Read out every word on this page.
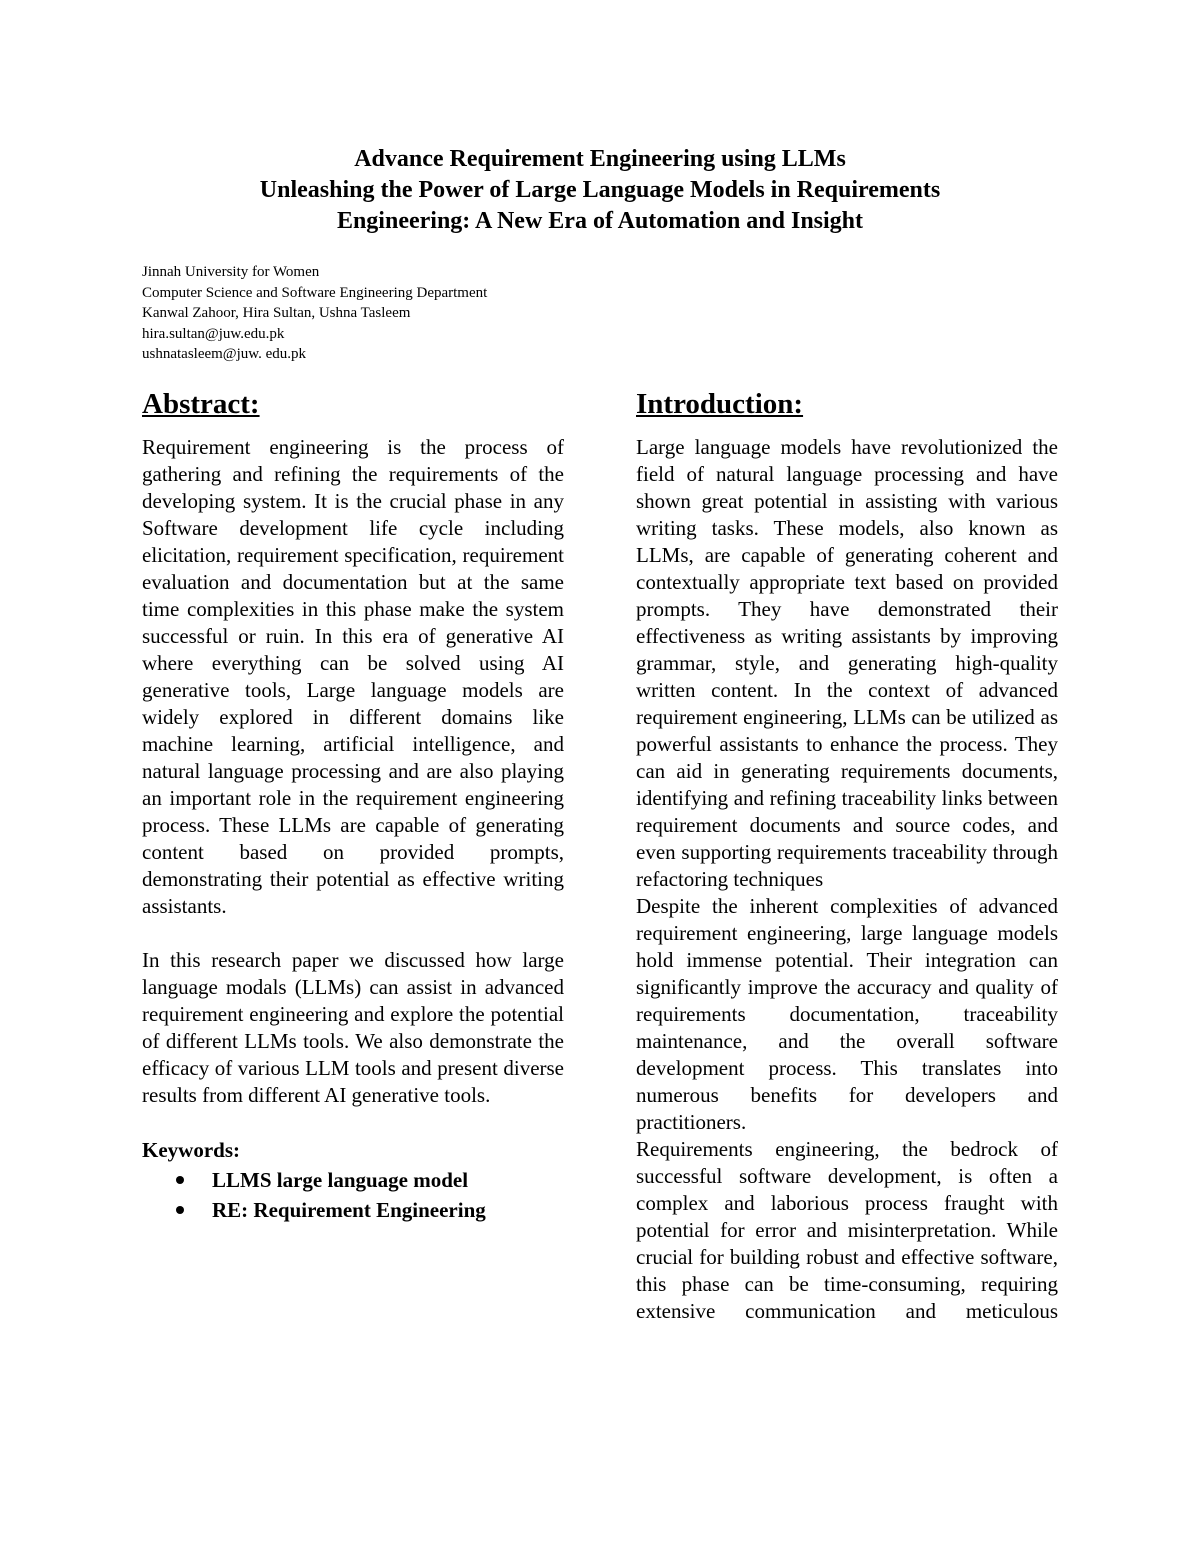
Advance Requirement Engineering using LLMs
Unleashing the Power of Large Language Models in Requirements
Engineering: A New Era of Automation and Insight
Jinnah University for Women
Computer Science and Software Engineering Department
Kanwal Zahoor, Hira Sultan, Ushna Tasleem
hira.sultan@juw.edu.pk
ushnatasleem@juw. edu.pk
Abstract:

Requirement engineering is the process of gathering and refining the requirements of the developing system. It is the crucial phase in any Software development life cycle including elicitation, requirement specification, requirement evaluation and documentation but at the same time complexities in this phase make the system successful or ruin. In this era of generative AI where everything can be solved using AI generative tools, Large language models are widely explored in different domains like machine learning, artificial intelligence, and natural language processing and are also playing an important role in the requirement engineering process. These LLMs are capable of generating content based on provided prompts, demonstrating their potential as effective writing assistants.

In this research paper we discussed how large language modals (LLMs) can assist in advanced requirement engineering and explore the potential of different LLMs tools. We also demonstrate the efficacy of various LLM tools and present diverse results from different AI generative tools.

Keywords:
LLMS large language model
RE: Requirement Engineering
Introduction:

Large language models have revolutionized the field of natural language processing and have shown great potential in assisting with various writing tasks. These models, also known as LLMs, are capable of generating coherent and contextually appropriate text based on provided prompts. They have demonstrated their effectiveness as writing assistants by improving grammar, style, and generating high-quality written content. In the context of advanced requirement engineering, LLMs can be utilized as powerful assistants to enhance the process. They can aid in generating requirements documents, identifying and refining traceability links between requirement documents and source codes, and even supporting requirements traceability through refactoring techniques

Despite the inherent complexities of advanced requirement engineering, large language models hold immense potential. Their integration can significantly improve the accuracy and quality of requirements documentation, traceability maintenance, and the overall software development process. This translates into numerous benefits for developers and practitioners.

Requirements engineering, the bedrock of successful software development, is often a complex and laborious process fraught with potential for error and misinterpretation. While crucial for building robust and effective software, this phase can be time-consuming, requiring extensive communication and meticulous
